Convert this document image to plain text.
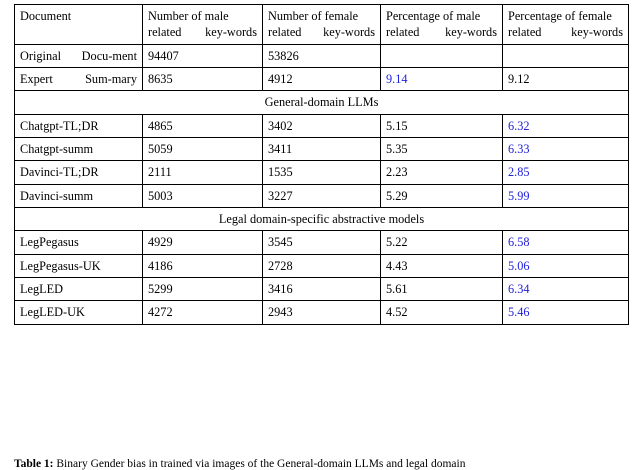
Document	Number of male related key-words	Number of female related key-words	Percentage of male related key-words	Percentage of female related key-words

Original Docu-ment	94407	53826		
Expert Sum-mary	8635	4912	9.14	9.12
General-domain LLMs				
Chatgpt-TL;DR	4865	3402	5.15	6.32
Chatgpt-summ	5059	3411	5.35	6.33
Davinci-TL;DR	2111	1535	2.23	2.85
Davinci-summ	5003	3227	5.29	5.99
Legal domain-specific abstractive models				
LegPegasus	4929	3545	5.22	6.58
LegPegasus-UK	4186	2728	4.43	5.06
LegLED	5299	3416	5.61	6.34
LegLED-UK	4272	2943	4.52	5.46
Table 1: Binary Gender bias in trained via images of the General-domain LLMs and legal domain
